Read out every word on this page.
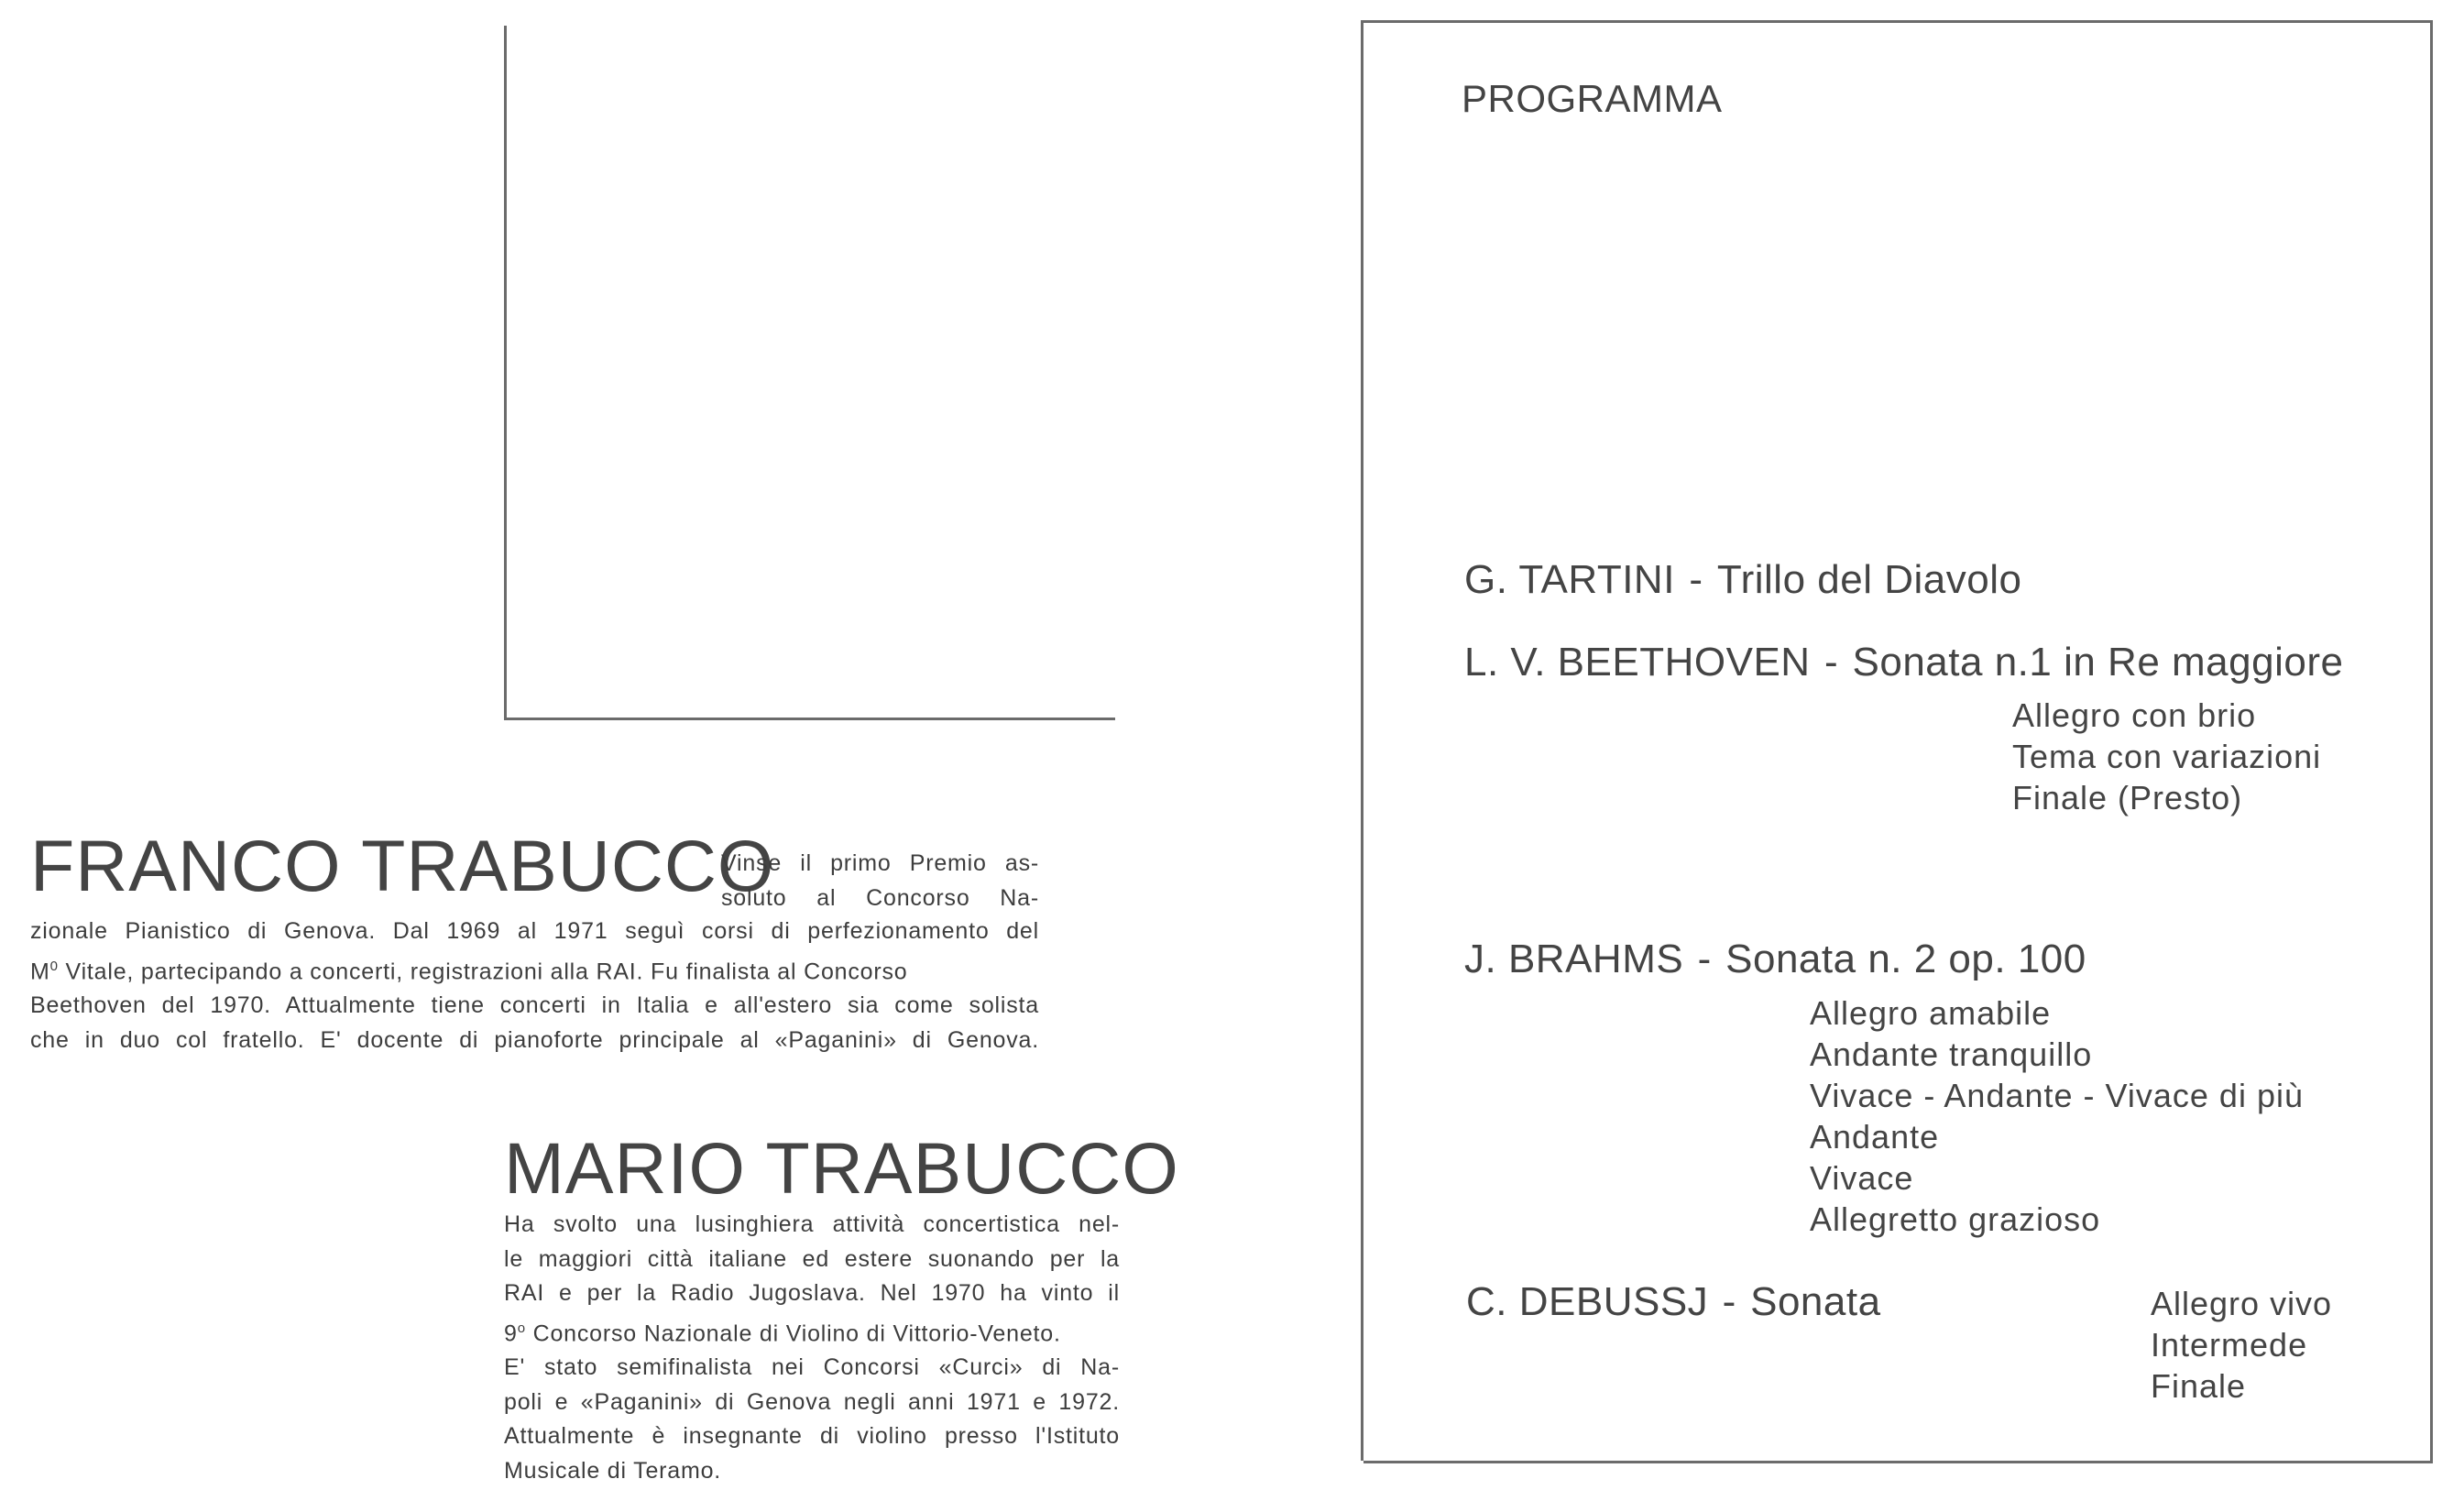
FRANCO TRABUCCO
Vinse il primo Premio as-
soluto al Concorso Na-
zionale Pianistico di Genova. Dal 1969 al 1971 seguì corsi di perfezionamento del
$M^0$ Vitale, partecipando a concerti, registrazioni alla RAI. Fu finalista al Concorso
Beethoven del 1970. Attualmente tiene concerti in Italia e all'estero sia come solista
che in duo col fratello. E' docente di pianoforte principale al «Paganini» di Genova.
MARIO TRABUCCO
Ha svolto una lusinghiera attività concertistica nel-
le maggiori città italiane ed estere suonando per la
RAI e per la Radio Jugoslava. Nel 1970 ha vinto il
9$^o$ Concorso Nazionale di Violino di Vittorio-Veneto.
E' stato semifinalista nei Concorsi «Curci» di Na-
poli e «Paganini» di Genova negli anni 1971 e 1972.
Attualmente è insegnante di violino presso l'Istituto
Musicale di Teramo.
PROGRAMMA
G. TARTINI - Trillo del Diavolo
L. V. BEETHOVEN - Sonata n.1 in Re maggiore
Allegro con brio
Tema con variazioni
Finale (Presto)
J. BRAHMS - Sonata n. 2 op. 100
Allegro amabile
Andante tranquillo
Vivace - Andante - Vivace di più
Andante
Vivace
Allegretto grazioso
C. DEBUSSJ - Sonata	Allegro vivo
Intermede
Finale
